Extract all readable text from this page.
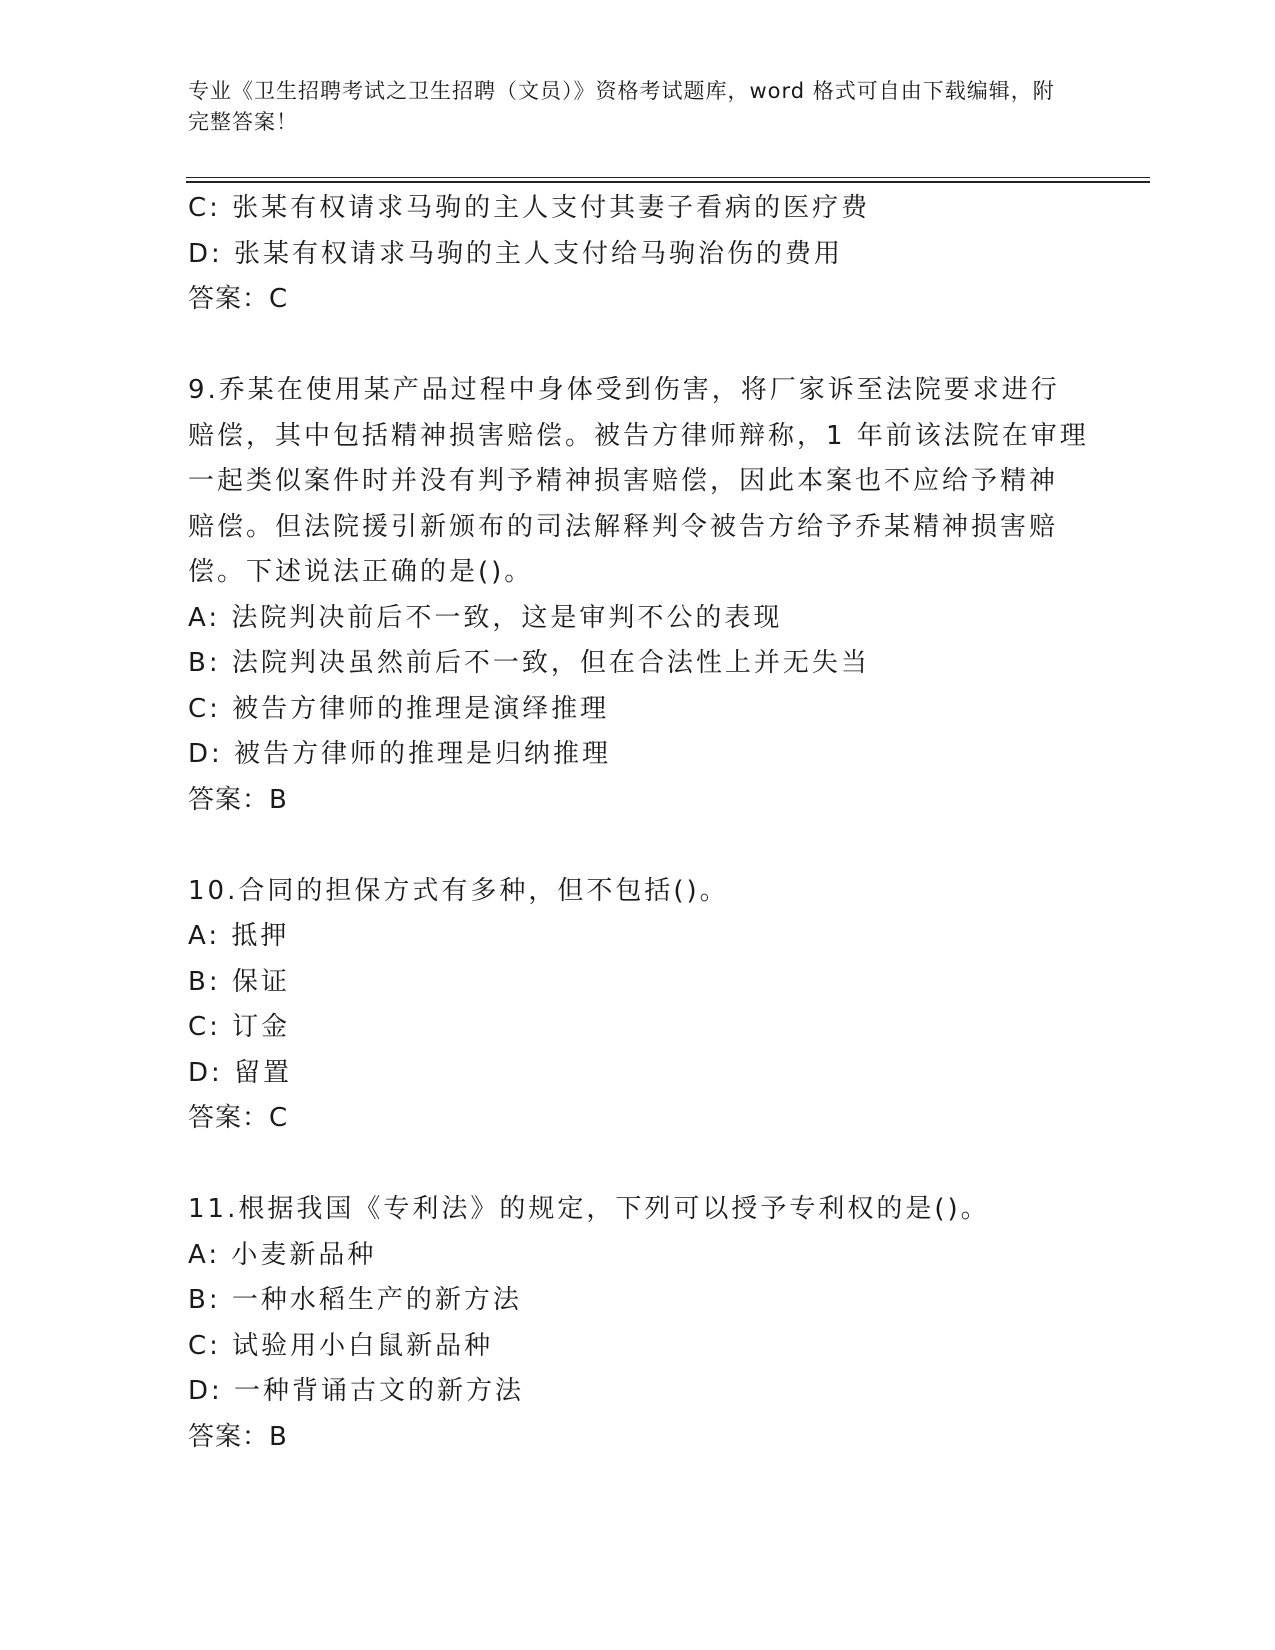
专业《卫生招聘考试之卫生招聘（文员）》资格考试题库，word 格式可自由下载编辑，附完整答案！
C: 张某有权请求马驹的主人支付其妻子看病的医疗费
D: 张某有权请求马驹的主人支付给马驹治伤的费用
答案：C
9.乔某在使用某产品过程中身体受到伤害，将厂家诉至法院要求进行
赔偿，其中包括精神损害赔偿。被告方律师辩称，1 年前该法院在审理
一起类似案件时并没有判予精神损害赔偿，因此本案也不应给予精神
赔偿。但法院援引新颁布的司法解释判令被告方给予乔某精神损害赔
偿。下述说法正确的是()。
A: 法院判决前后不一致，这是审判不公的表现
B: 法院判决虽然前后不一致，但在合法性上并无失当
C: 被告方律师的推理是演绎推理
D: 被告方律师的推理是归纳推理
答案：B
10.合同的担保方式有多种，但不包括()。
A: 抵押
B: 保证
C: 订金
D: 留置
答案：C
11.根据我国《专利法》的规定，下列可以授予专利权的是()。
A: 小麦新品种
B: 一种水稻生产的新方法
C: 试验用小白鼠新品种
D: 一种背诵古文的新方法
答案：B
